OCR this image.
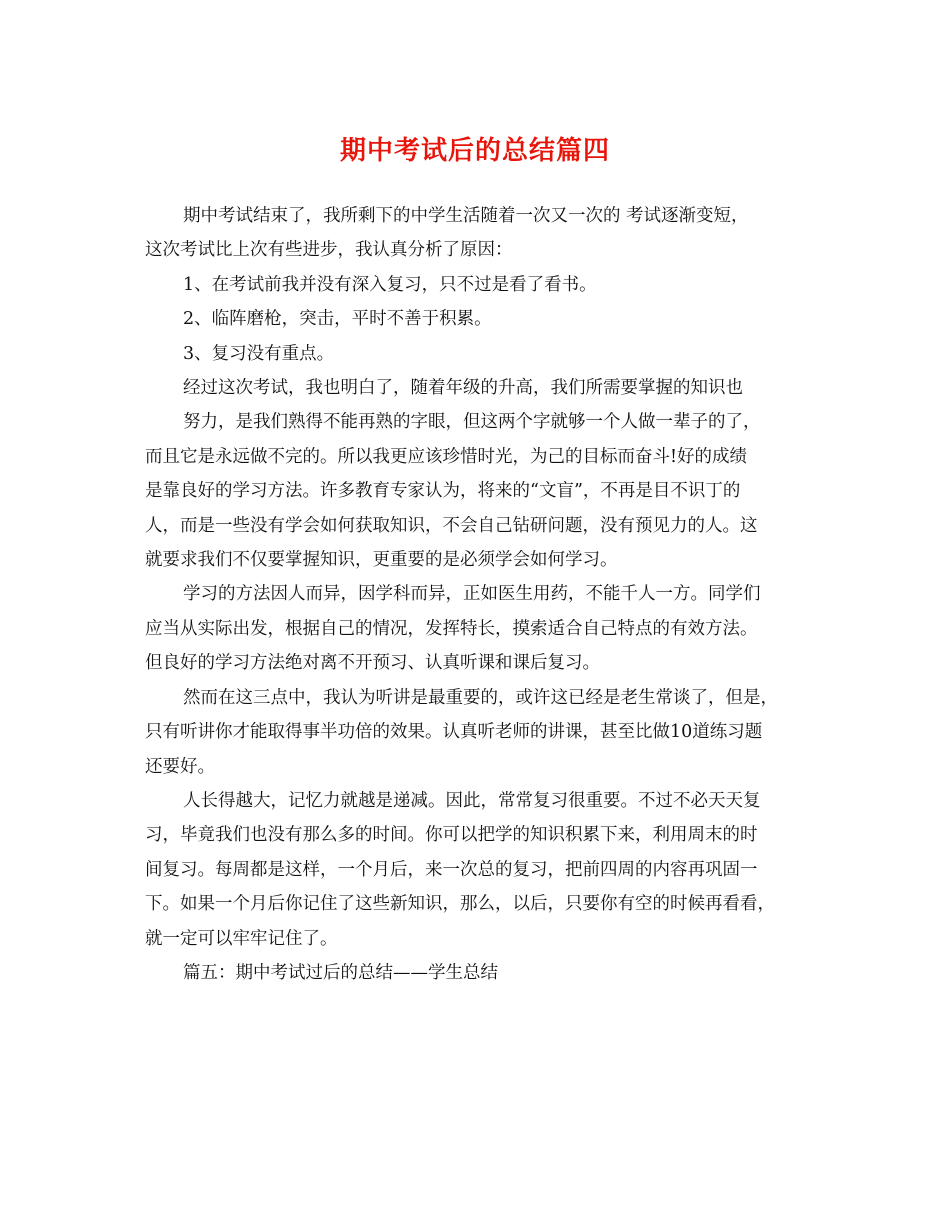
期中考试后的总结篇四
期中考试结束了，我所剩下的中学生活随着一次又一次的 考试逐渐变短，
这次考试比上次有些进步，我认真分析了原因：
1、在考试前我并没有深入复习，只不过是看了看书。
2、临阵磨枪，突击，平时不善于积累。
3、复习没有重点。
经过这次考试，我也明白了，随着年级的升高，我们所需要掌握的知识也
努力，是我们熟得不能再熟的字眼，但这两个字就够一个人做一辈子的了，
而且它是永远做不完的。所以我更应该珍惜时光，为己的目标而奋斗!好的成绩
是靠良好的学习方法。许多教育专家认为，将来的“文盲”，不再是目不识丁的
人，而是一些没有学会如何获取知识，不会自己钻研问题，没有预见力的人。这
就要求我们不仅要掌握知识，更重要的是必须学会如何学习。
学习的方法因人而异，因学科而异，正如医生用药，不能千人一方。同学们
应当从实际出发，根据自己的情况，发挥特长，摸索适合自己特点的有效方法。
但良好的学习方法绝对离不开预习、认真听课和课后复习。
然而在这三点中，我认为听讲是最重要的，或许这已经是老生常谈了，但是，
只有听讲你才能取得事半功倍的效果。认真听老师的讲课，甚至比做10道练习题
还要好。
人长得越大，记忆力就越是递减。因此，常常复习很重要。不过不必天天复
习，毕竟我们也没有那么多的时间。你可以把学的知识积累下来，利用周末的时
间复习。每周都是这样，一个月后，来一次总的复习，把前四周的内容再巩固一
下。如果一个月后你记住了这些新知识，那么，以后，只要你有空的时候再看看，
就一定可以牢牢记住了。
篇五：期中考试过后的总结——学生总结
